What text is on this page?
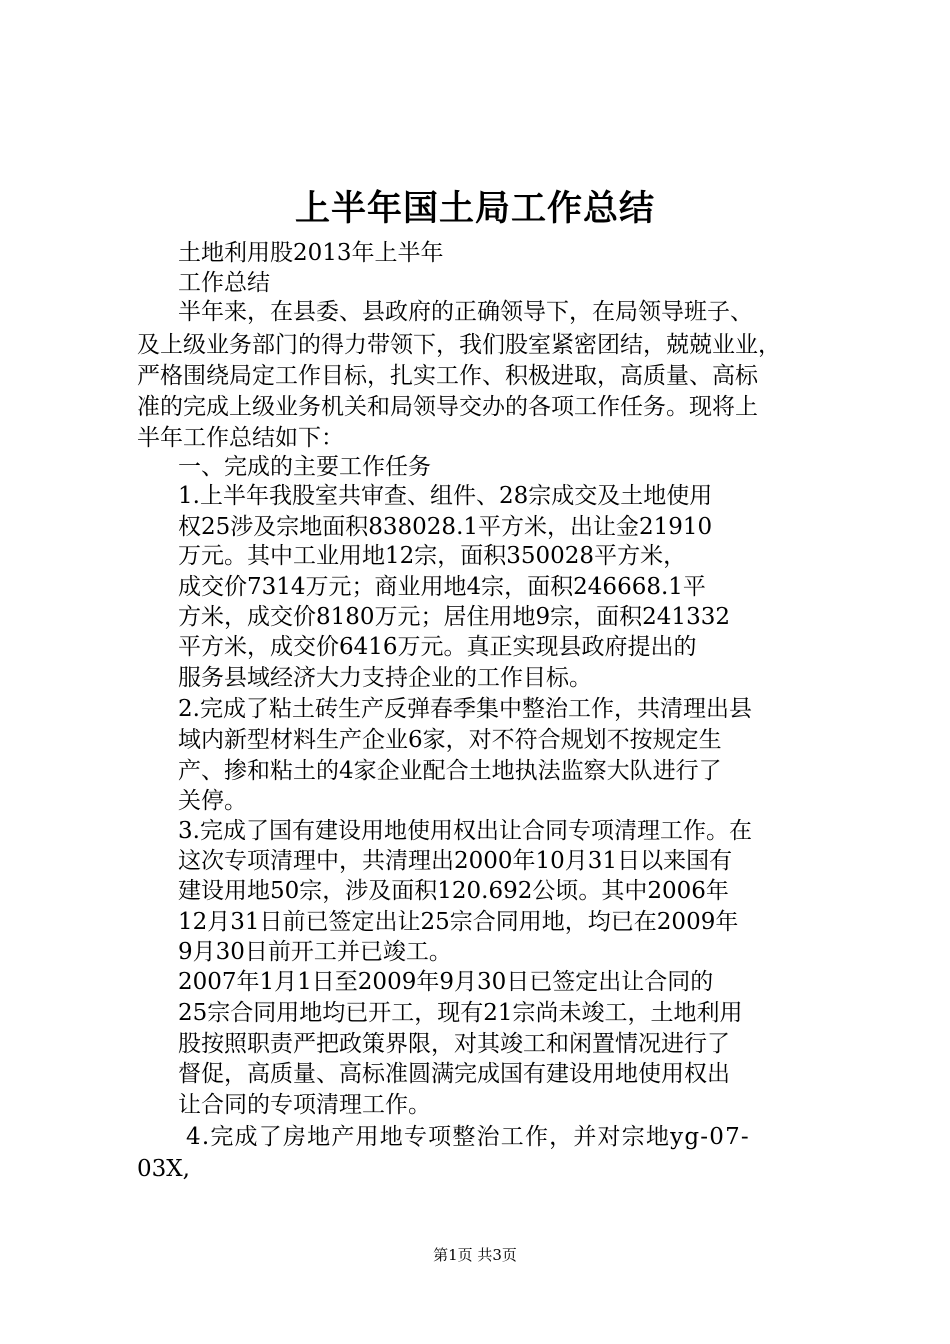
上半年国土局工作总结
土地利用股2013年上半年
工作总结
半年来，在县委、县政府的正确领导下，在局领导班子、
及上级业务部门的得力带领下，我们股室紧密团结，兢兢业业，
严格围绕局定工作目标，扎实工作、积极进取，高质量、高标
准的完成上级业务机关和局领导交办的各项工作任务。现将上
半年工作总结如下：
一、完成的主要工作任务
1.上半年我股室共审查、组件、28宗成交及土地使用
权25涉及宗地面积838028.1平方米，出让金21910
万元。其中工业用地12宗，面积350028平方米，
成交价7314万元；商业用地4宗，面积246668.1平
方米，成交价8180万元；居住用地9宗，面积241332
平方米，成交价6416万元。真正实现县政府提出的
服务县域经济大力支持企业的工作目标。
2.完成了粘土砖生产反弹春季集中整治工作，共清理出县
域内新型材料生产企业6家，对不符合规划不按规定生
产、掺和粘土的4家企业配合土地执法监察大队进行了
关停。
3.完成了国有建设用地使用权出让合同专项清理工作。在
这次专项清理中，共清理出2000年10月31日以来国有
建设用地50宗，涉及面积120.692公顷。其中2006年
12月31日前已签定出让25宗合同用地，均已在2009年
9月30日前开工并已竣工。
2007年1月1日至2009年9月30日已签定出让合同的
25宗合同用地均已开工，现有21宗尚未竣工，土地利用
股按照职责严把政策界限，对其竣工和闲置情况进行了
督促，高质量、高标准圆满完成国有建设用地使用权出
让合同的专项清理工作。
4.完成了房地产用地专项整治工作，并对宗地yg-07-
03X,
第1页 共3页
